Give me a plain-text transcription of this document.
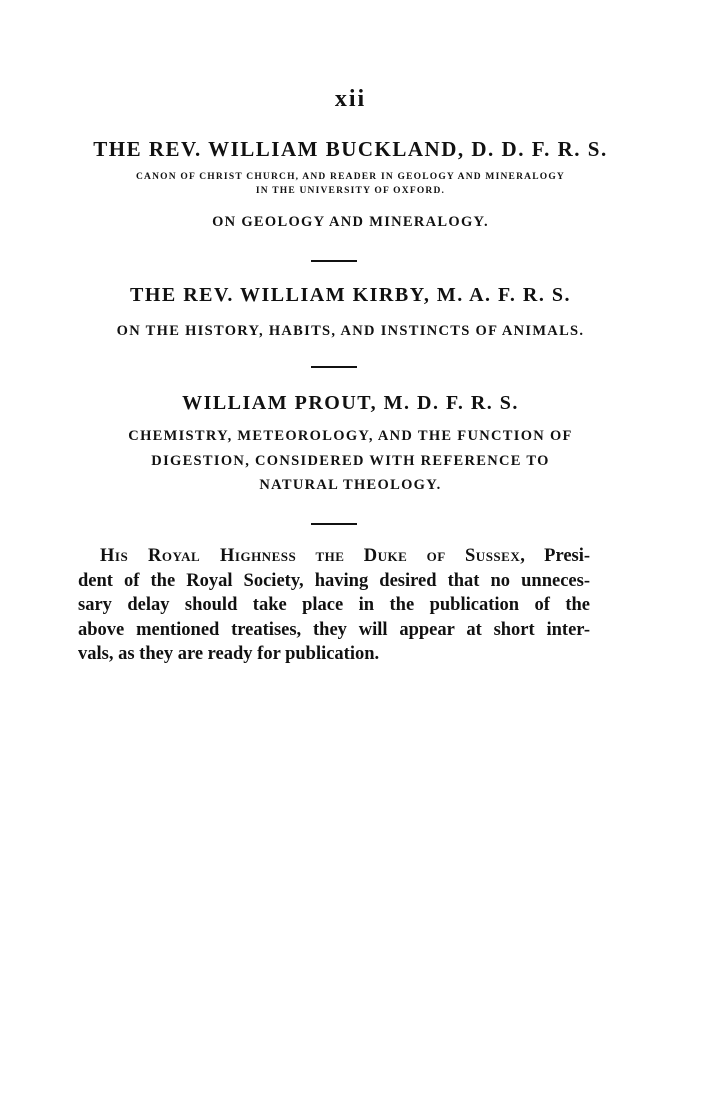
xii
THE REV. WILLIAM BUCKLAND, D. D. F. R. S.
CANON OF CHRIST CHURCH, AND READER IN GEOLOGY AND MINERALOGY
IN THE UNIVERSITY OF OXFORD.
ON GEOLOGY AND MINERALOGY.
THE REV. WILLIAM KIRBY, M. A. F. R. S.
ON THE HISTORY, HABITS, AND INSTINCTS OF ANIMALS.
WILLIAM PROUT, M. D. F. R. S.
CHEMISTRY, METEOROLOGY, AND THE FUNCTION OF
DIGESTION, CONSIDERED WITH REFERENCE TO
NATURAL THEOLOGY.
His Royal Highness the Duke of Sussex, Presi-
dent of the Royal Society, having desired that no unneces-
sary delay should take place in the publication of the
above mentioned treatises, they will appear at short inter-
vals, as they are ready for publication.
